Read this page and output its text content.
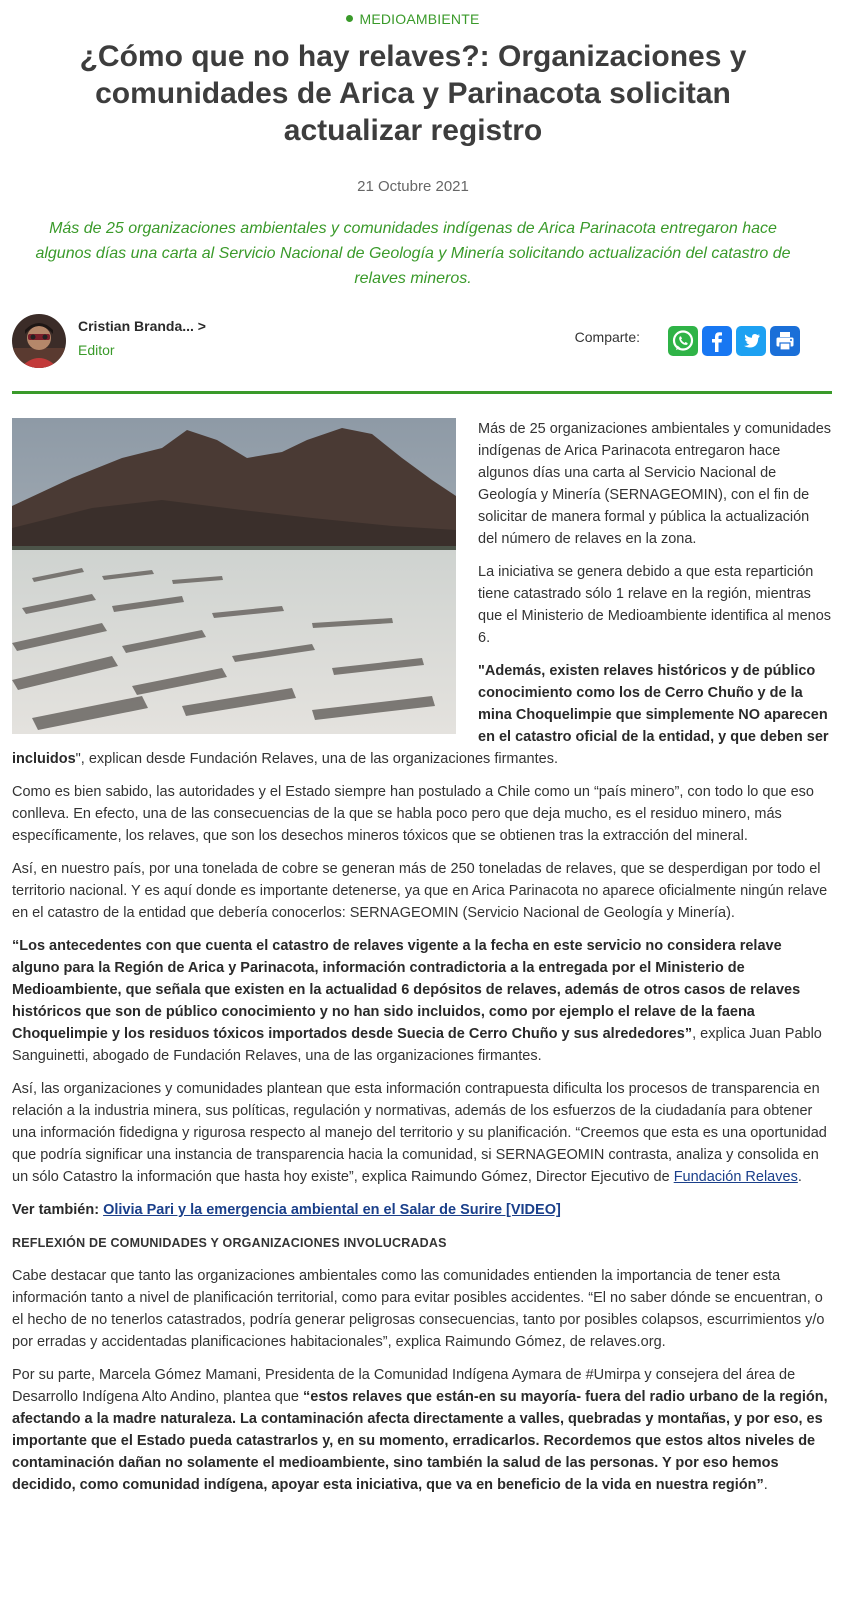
MEDIOAMBIENTE
¿Cómo que no hay relaves?: Organizaciones y comunidades de Arica y Parinacota solicitan actualizar registro
21 Octubre 2021
Más de 25 organizaciones ambientales y comunidades indígenas de Arica Parinacota entregaron hace algunos días una carta al Servicio Nacional de Geología y Minería solicitando actualización del catastro de relaves mineros.
Cristian Branda... >
Editor
Comparte:

Más de 25 organizaciones ambientales y comunidades indígenas de Arica Parinacota entregaron hace algunos días una carta al Servicio Nacional de Geología y Minería (SERNAGEOMIN), con el fin de solicitar de manera formal y pública la actualización del número de relaves en la zona.

La iniciativa se genera debido a que esta repartición tiene catastrado sólo 1 relave en la región, mientras que el Ministerio de Medioambiente identifica al menos 6.

"Además, existen relaves históricos y de público conocimiento como los de Cerro Chuño y de la mina Choquelimpie que simplemente NO aparecen en el catastro oficial de la entidad, y que deben ser incluidos", explican desde Fundación Relaves, una de las organizaciones firmantes.

Como es bien sabido, las autoridades y el Estado siempre han postulado a Chile como un “país minero”, con todo lo que eso conlleva. En efecto, una de las consecuencias de la que se habla poco pero que deja mucho, es el residuo minero, más específicamente, los relaves, que son los desechos mineros tóxicos que se obtienen tras la extracción del mineral.

Así, en nuestro país, por una tonelada de cobre se generan más de 250 toneladas de relaves, que se desperdigan por todo el territorio nacional. Y es aquí donde es importante detenerse, ya que en Arica Parinacota no aparece oficialmente ningún relave en el catastro de la entidad que debería conocerlos: SERNAGEOMIN (Servicio Nacional de Geología y Minería).

“Los antecedentes con que cuenta el catastro de relaves vigente a la fecha en este servicio no considera relave alguno para la Región de Arica y Parinacota, información contradictoria a la entregada por el Ministerio de Medioambiente, que señala que existen en la actualidad 6 depósitos de relaves, además de otros casos de relaves históricos que son de público conocimiento y no han sido incluidos, como por ejemplo el relave de la faena Choquelimpie y los residuos tóxicos importados desde Suecia de Cerro Chuño y sus alrededores”, explica Juan Pablo Sanguinetti, abogado de Fundación Relaves, una de las organizaciones firmantes.

Así, las organizaciones y comunidades plantean que esta información contrapuesta dificulta los procesos de transparencia en relación a la industria minera, sus políticas, regulación y normativas, además de los esfuerzos de la ciudadanía para obtener una información fidedigna y rigurosa respecto al manejo del territorio y su planificación. “Creemos que esta es una oportunidad que podría significar una instancia de transparencia hacia la comunidad, si SERNAGEOMIN contrasta, analiza y consolida en un sólo Catastro la información que hasta hoy existe”, explica Raimundo Gómez, Director Ejecutivo de Fundación Relaves.

Ver también: Olivia Pari y la emergencia ambiental en el Salar de Surire [VIDEO]

REFLEXIÓN DE COMUNIDADES Y ORGANIZACIONES INVOLUCRADAS

Cabe destacar que tanto las organizaciones ambientales como las comunidades entienden la importancia de tener esta información tanto a nivel de planificación territorial, como para evitar posibles accidentes. “El no saber dónde se encuentran, o el hecho de no tenerlos catastrados, podría generar peligrosas consecuencias, tanto por posibles colapsos, escurrimientos y/o por erradas y accidentadas planificaciones habitacionales”, explica Raimundo Gómez, de relaves.org.

Por su parte, Marcela Gómez Mamani, Presidenta de la Comunidad Indígena Aymara de #Umirpa y consejera del área de Desarrollo Indígena Alto Andino, plantea que “estos relaves que están-en su mayoría- fuera del radio urbano de la región, afectando a la madre naturaleza. La contaminación afecta directamente a valles, quebradas y montañas, y por eso, es importante que el Estado pueda catastrarlos y, en su momento, erradicarlos. Recordemos que estos altos niveles de contaminación dañan no solamente el medioambiente, sino también la salud de las personas. Y por eso hemos decidido, como comunidad indígena, apoyar esta iniciativa, que va en beneficio de la vida en nuestra región”.
